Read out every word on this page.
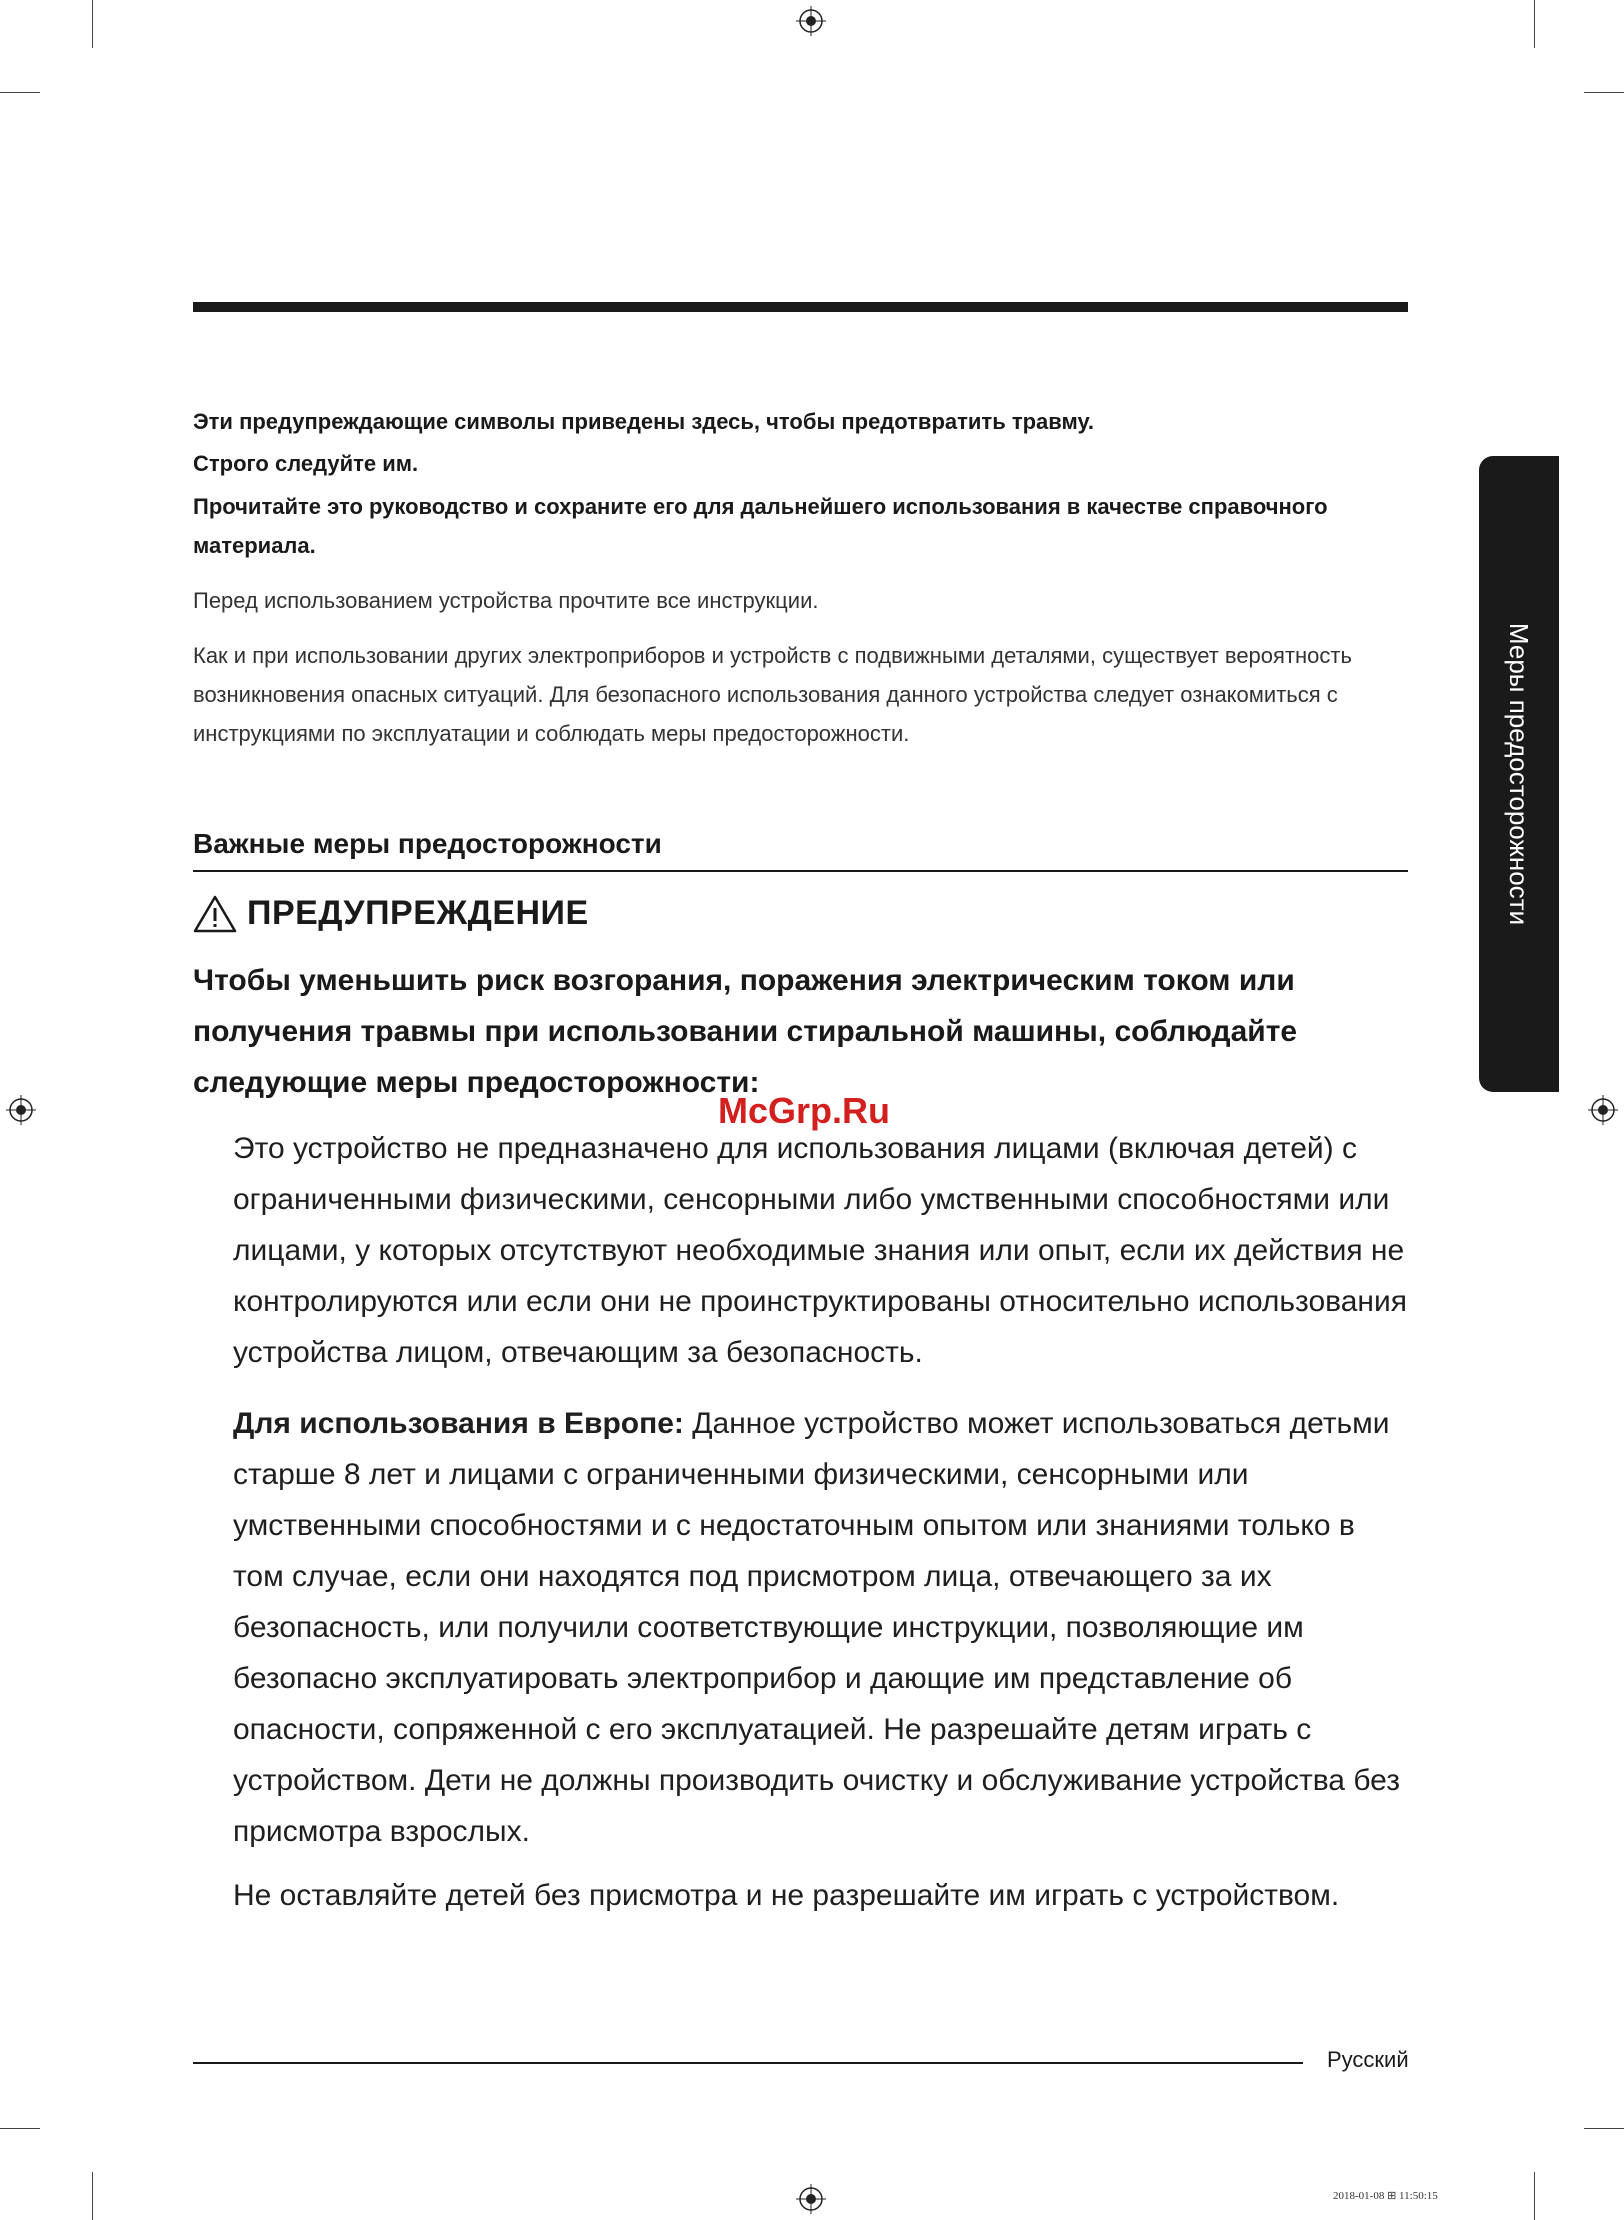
Эти предупреждающие символы приведены здесь, чтобы предотвратить травму.
Строго следуйте им.
Прочитайте это руководство и сохраните его для дальнейшего использования в качестве справочного материала.
Перед использованием устройства прочтите все инструкции.
Как и при использовании других электроприборов и устройств с подвижными деталями, существует вероятность возникновения опасных ситуаций. Для безопасного использования данного устройства следует ознакомиться с инструкциями по эксплуатации и соблюдать меры предосторожности.
Важные меры предосторожности
ПРЕДУПРЕЖДЕНИЕ
Чтобы уменьшить риск возгорания, поражения электрическим током или получения травмы при использовании стиральной машины, соблюдайте следующие меры предосторожности:
Это устройство не предназначено для использования лицами (включая детей) с ограниченными физическими, сенсорными либо умственными способностями или лицами, у которых отсутствуют необходимые знания или опыт, если их действия не контролируются или если они не проинструктированы относительно использования устройства лицом, отвечающим за безопасность.
Для использования в Европе: Данное устройство может использоваться детьми старше 8 лет и лицами с ограниченными физическими, сенсорными или умственными способностями и с недостаточным опытом или знаниями только в том случае, если они находятся под присмотром лица, отвечающего за их безопасность, или получили соответствующие инструкции, позволяющие им безопасно эксплуатировать электроприбор и дающие им представление об опасности, сопряженной с его эксплуатацией. Не разрешайте детям играть с устройством. Дети не должны производить очистку и обслуживание устройства без присмотра взрослых.
Не оставляйте детей без присмотра и не разрешайте им играть с устройством.
Меры предосторожности
McGrp.Ru
Русский
2018-01-08 ⊞ 11:50:15
